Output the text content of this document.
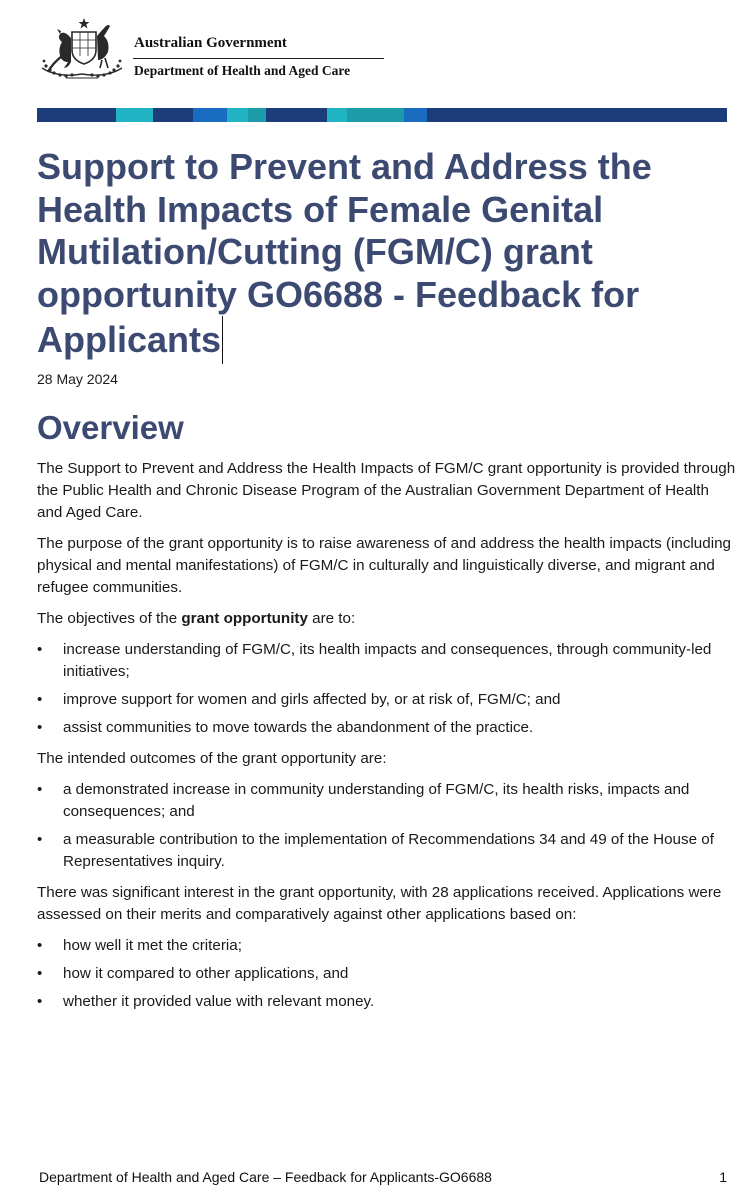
Australian Government
Department of Health and Aged Care
Support to Prevent and Address the Health Impacts of Female Genital Mutilation/Cutting (FGM/C) grant opportunity GO6688 - Feedback for Applicants
28 May 2024
Overview

The Support to Prevent and Address the Health Impacts of FGM/C grant opportunity is provided through the Public Health and Chronic Disease Program of the Australian Government Department of Health and Aged Care.

The purpose of the grant opportunity is to raise awareness of and address the health impacts (including physical and mental manifestations) of FGM/C in culturally and linguistically diverse, and migrant and refugee communities.

The objectives of the grant opportunity are to:

• increase understanding of FGM/C, its health impacts and consequences, through community-led initiatives;
• improve support for women and girls affected by, or at risk of, FGM/C; and
• assist communities to move towards the abandonment of the practice.

The intended outcomes of the grant opportunity are:

• a demonstrated increase in community understanding of FGM/C, its health risks, impacts and consequences; and
• a measurable contribution to the implementation of Recommendations 34 and 49 of the House of Representatives inquiry.

There was significant interest in the grant opportunity, with 28 applications received. Applications were assessed on their merits and comparatively against other applications based on:

• how well it met the criteria;
• how it compared to other applications, and
• whether it provided value with relevant money.
Department of Health and Aged Care – Feedback for Applicants-GO6688	1
